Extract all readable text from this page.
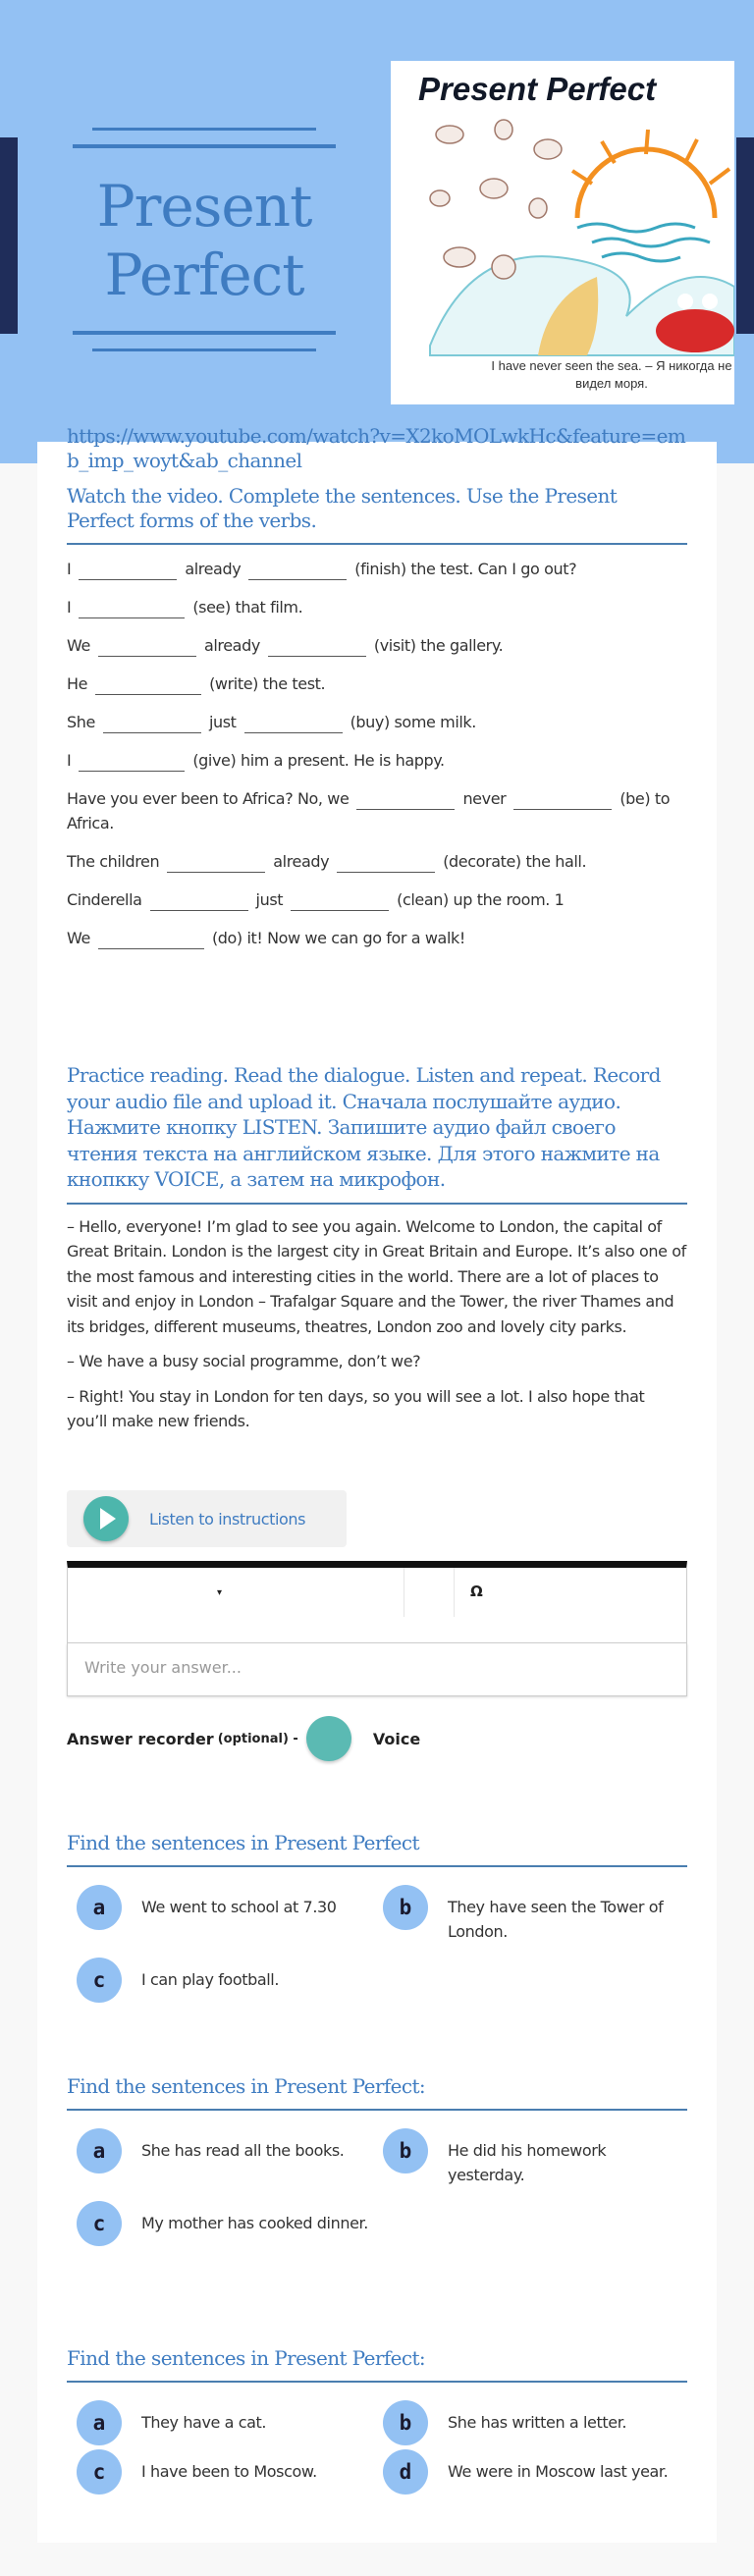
Present
Perfect
Present Perfect
I have never seen the sea. – Я никогда не видел моря.
https://www.youtube.com/watch?v=X2koMOLwkHc&feature=emb_imp_woyt&ab_channel
Watch the video. Complete the sentences. Use the Present Perfect forms of the verbs.
I	already	(finish) the test. Can I go out?
I	(see) that film.
We	already	(visit) the gallery.
He	(write) the test.
She	just	(buy) some milk.
I	(give) him a present. He is happy.
Have you ever been to Africa? No, we	never	(be) to Africa.
The children	already	(decorate) the hall.
Cinderella	just	(clean) up the room. 1
We	(do) it! Now we can go for a walk!
Practice reading. Read the dialogue. Listen and repeat. Record your audio file and upload it. Сначала послушайте аудио. Нажмите кнопку LISTEN. Запишите аудио файл своего чтения текста на английском языке. Для этого нажмите на кнопкку VOICE, а затем на микрофон.

– Hello, everyone! I’m glad to see you again. Welcome to London, the capital of Great Britain. London is the largest city in Great Britain and Europe. It’s also one of the most famous and interesting cities in the world. There are a lot of places to visit and enjoy in London – Trafalgar Square and the Tower, the river Thames and its bridges, different museums, theatres, London zoo and lovely city parks.

– We have a busy social programme, don’t we?

– Right! You stay in London for ten days, so you will see a lot. I also hope that you’ll make new friends.

Listen to instructions
▾	Ω
Write your answer...
Answer recorder (optional) -	Voice
Find the sentences in Present Perfect
a	We went to school at 7.30	b	They have seen the Tower of London.
c	I can play football.
Find the sentences in Present Perfect:
a	She has read all the books.	b	He did his homework yesterday.
c	My mother has cooked dinner.
Find the sentences in Present Perfect:
a	They have a cat.	b	She has written a letter.
c	I have been to Moscow.	d	We were in Moscow last year.
